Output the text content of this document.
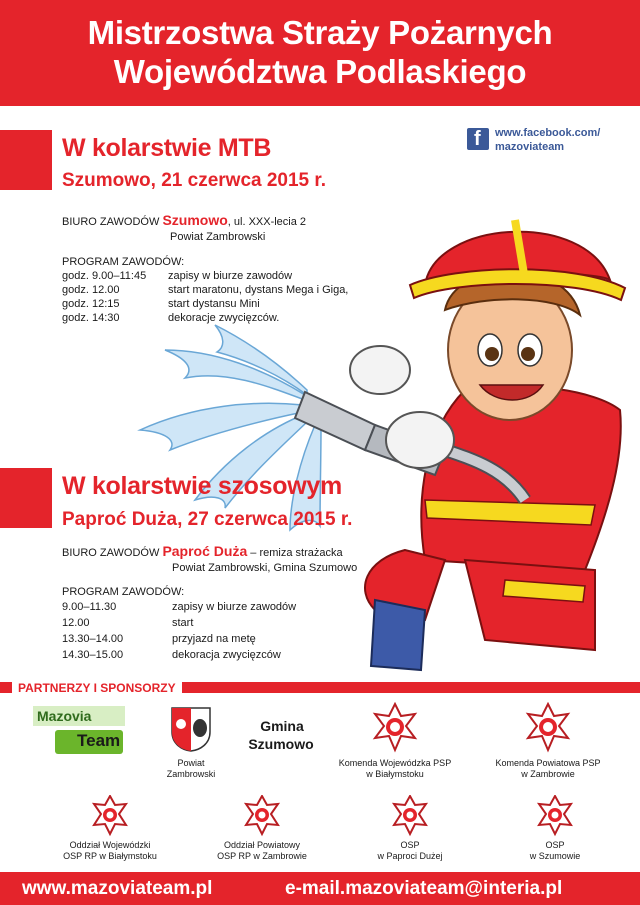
Mistrzostwa Straży Pożarnych
Województwa Podlaskiego
f www.facebook.com/
mazoviateam
W kolarstwie MTB
Szumowo, 21 czerwca 2015 r.
BIURO ZAWODÓW Szumowo, ul. XXX-lecia 2
Powiat Zambrowski
PROGRAM ZAWODÓW:
godz. 9.00–11:45 zapisy w biurze zawodów
godz. 12.00	start maratonu, dystans Mega i Giga,
godz. 12:15	start dystansu Mini
godz. 14:30	dekoracje zwycięzców.
W kolarstwie szosowym
Paproć Duża, 27 czerwca 2015 r.
BIURO ZAWODÓW Paproć Duża – remiza strażacka
Powiat Zambrowski, Gmina Szumowo
PROGRAM ZAWODÓW:
9.00–11.30	zapisy w biurze zawodów
12.00	start
13.30–14.00	przyjazd na metę
14.30–15.00	dekoracja zwycięzców
PARTNERZY I SPONSORZY
Mazovia
Team
Powiat
Zambrowski
Gmina
Szumowo
Komenda Wojewódzka PSP
w Białymstoku
Komenda Powiatowa PSP
w Zambrowie
Oddział Wojewódzki
OSP RP w Białymstoku
Oddział Powiatowy
OSP RP w Zambrowie
OSP
w Paproci Dużej
OSP
w Szumowie
www.mazoviateam.pl	e-mail.mazoviateam@interia.pl
